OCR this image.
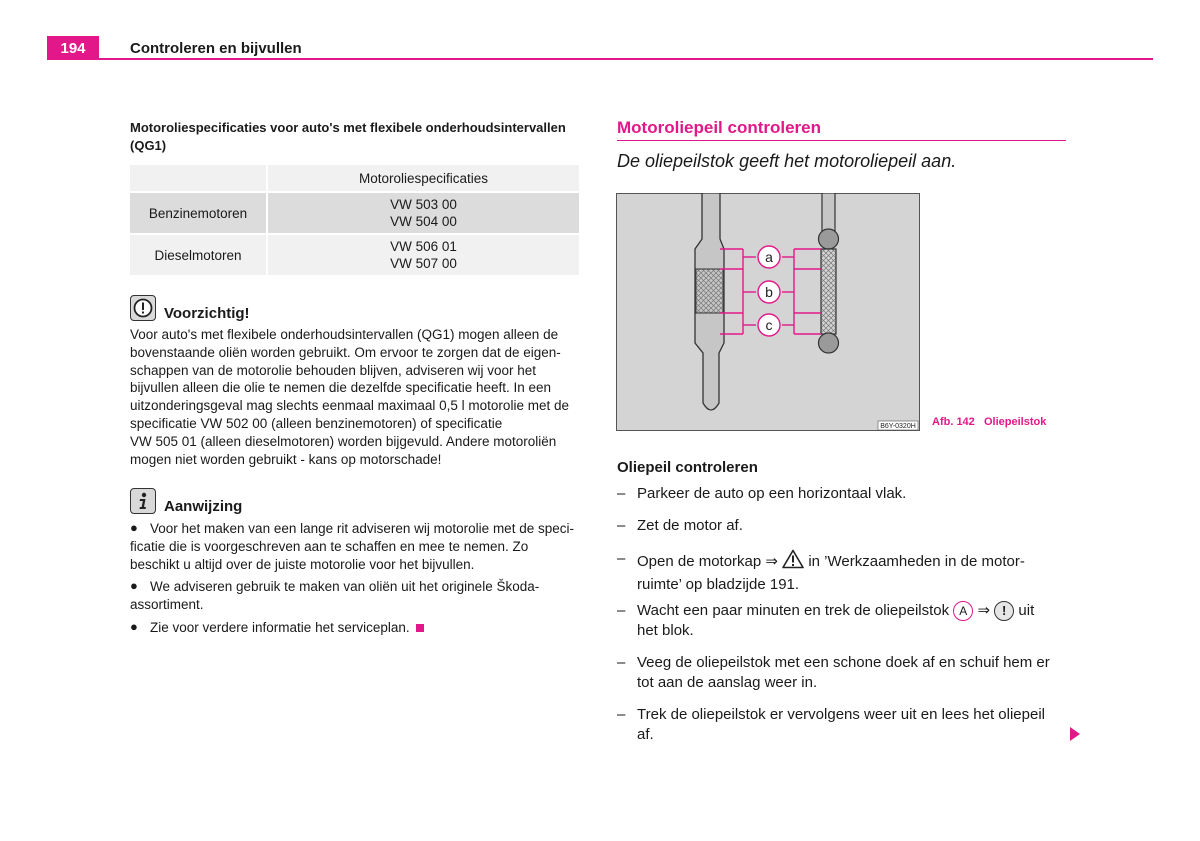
194	Controleren en bijvullen
Motoroliespecificaties voor auto's met flexibele onderhoudsintervallen (QG1)
	Motoroliespecificaties
Benzinemotoren	VW 503 00
VW 504 00

Dieselmotoren	VW 506 01
VW 507 00
Voorzichtig!
Voor auto's met flexibele onderhoudsintervallen (QG1) mogen alleen de
bovenstaande oliën worden gebruikt. Om ervoor te zorgen dat de eigen-
schappen van de motorolie behouden blijven, adviseren wij voor het
bijvullen alleen die olie te nemen die dezelfde specificatie heeft. In een
uitzonderingsgeval mag slechts eenmaal maximaal 0,5 l motorolie met de
specificatie VW 502 00 (alleen benzinemotoren) of specificatie
VW 505 01 (alleen dieselmotoren) worden bijgevuld. Andere motoroliën
mogen niet worden gebruikt - kans op motorschade!
Aanwijzing
● Voor het maken van een lange rit adviseren wij motorolie met de speci-
ficatie die is voorgeschreven aan te schaffen en mee te nemen. Zo
beschikt u altijd over de juiste motorolie voor het bijvullen.
● We adviseren gebruik te maken van oliën uit het originele Škoda-
assortiment.
● Zie voor verdere informatie het serviceplan.
Motoroliepeil controleren
De oliepeilstok geeft het motoroliepeil aan.
a
b
c
B6Y-0320H Afb. 142 Oliepeilstok
Oliepeil controleren
– Parkeer de auto op een horizontaal vlak.
– Zet de motor af.
– Open de motorkap ⇒ in ’Werkzaamheden in de motor-
ruimte’ op bladzijde 191.
– Wacht een paar minuten en trek de oliepeilstok A ⇒ ! uit
het blok.
– Veeg de oliepeilstok met een schone doek af en schuif hem er
tot aan de aanslag weer in.
– Trek de oliepeilstok er vervolgens weer uit en lees het oliepeil
af.
